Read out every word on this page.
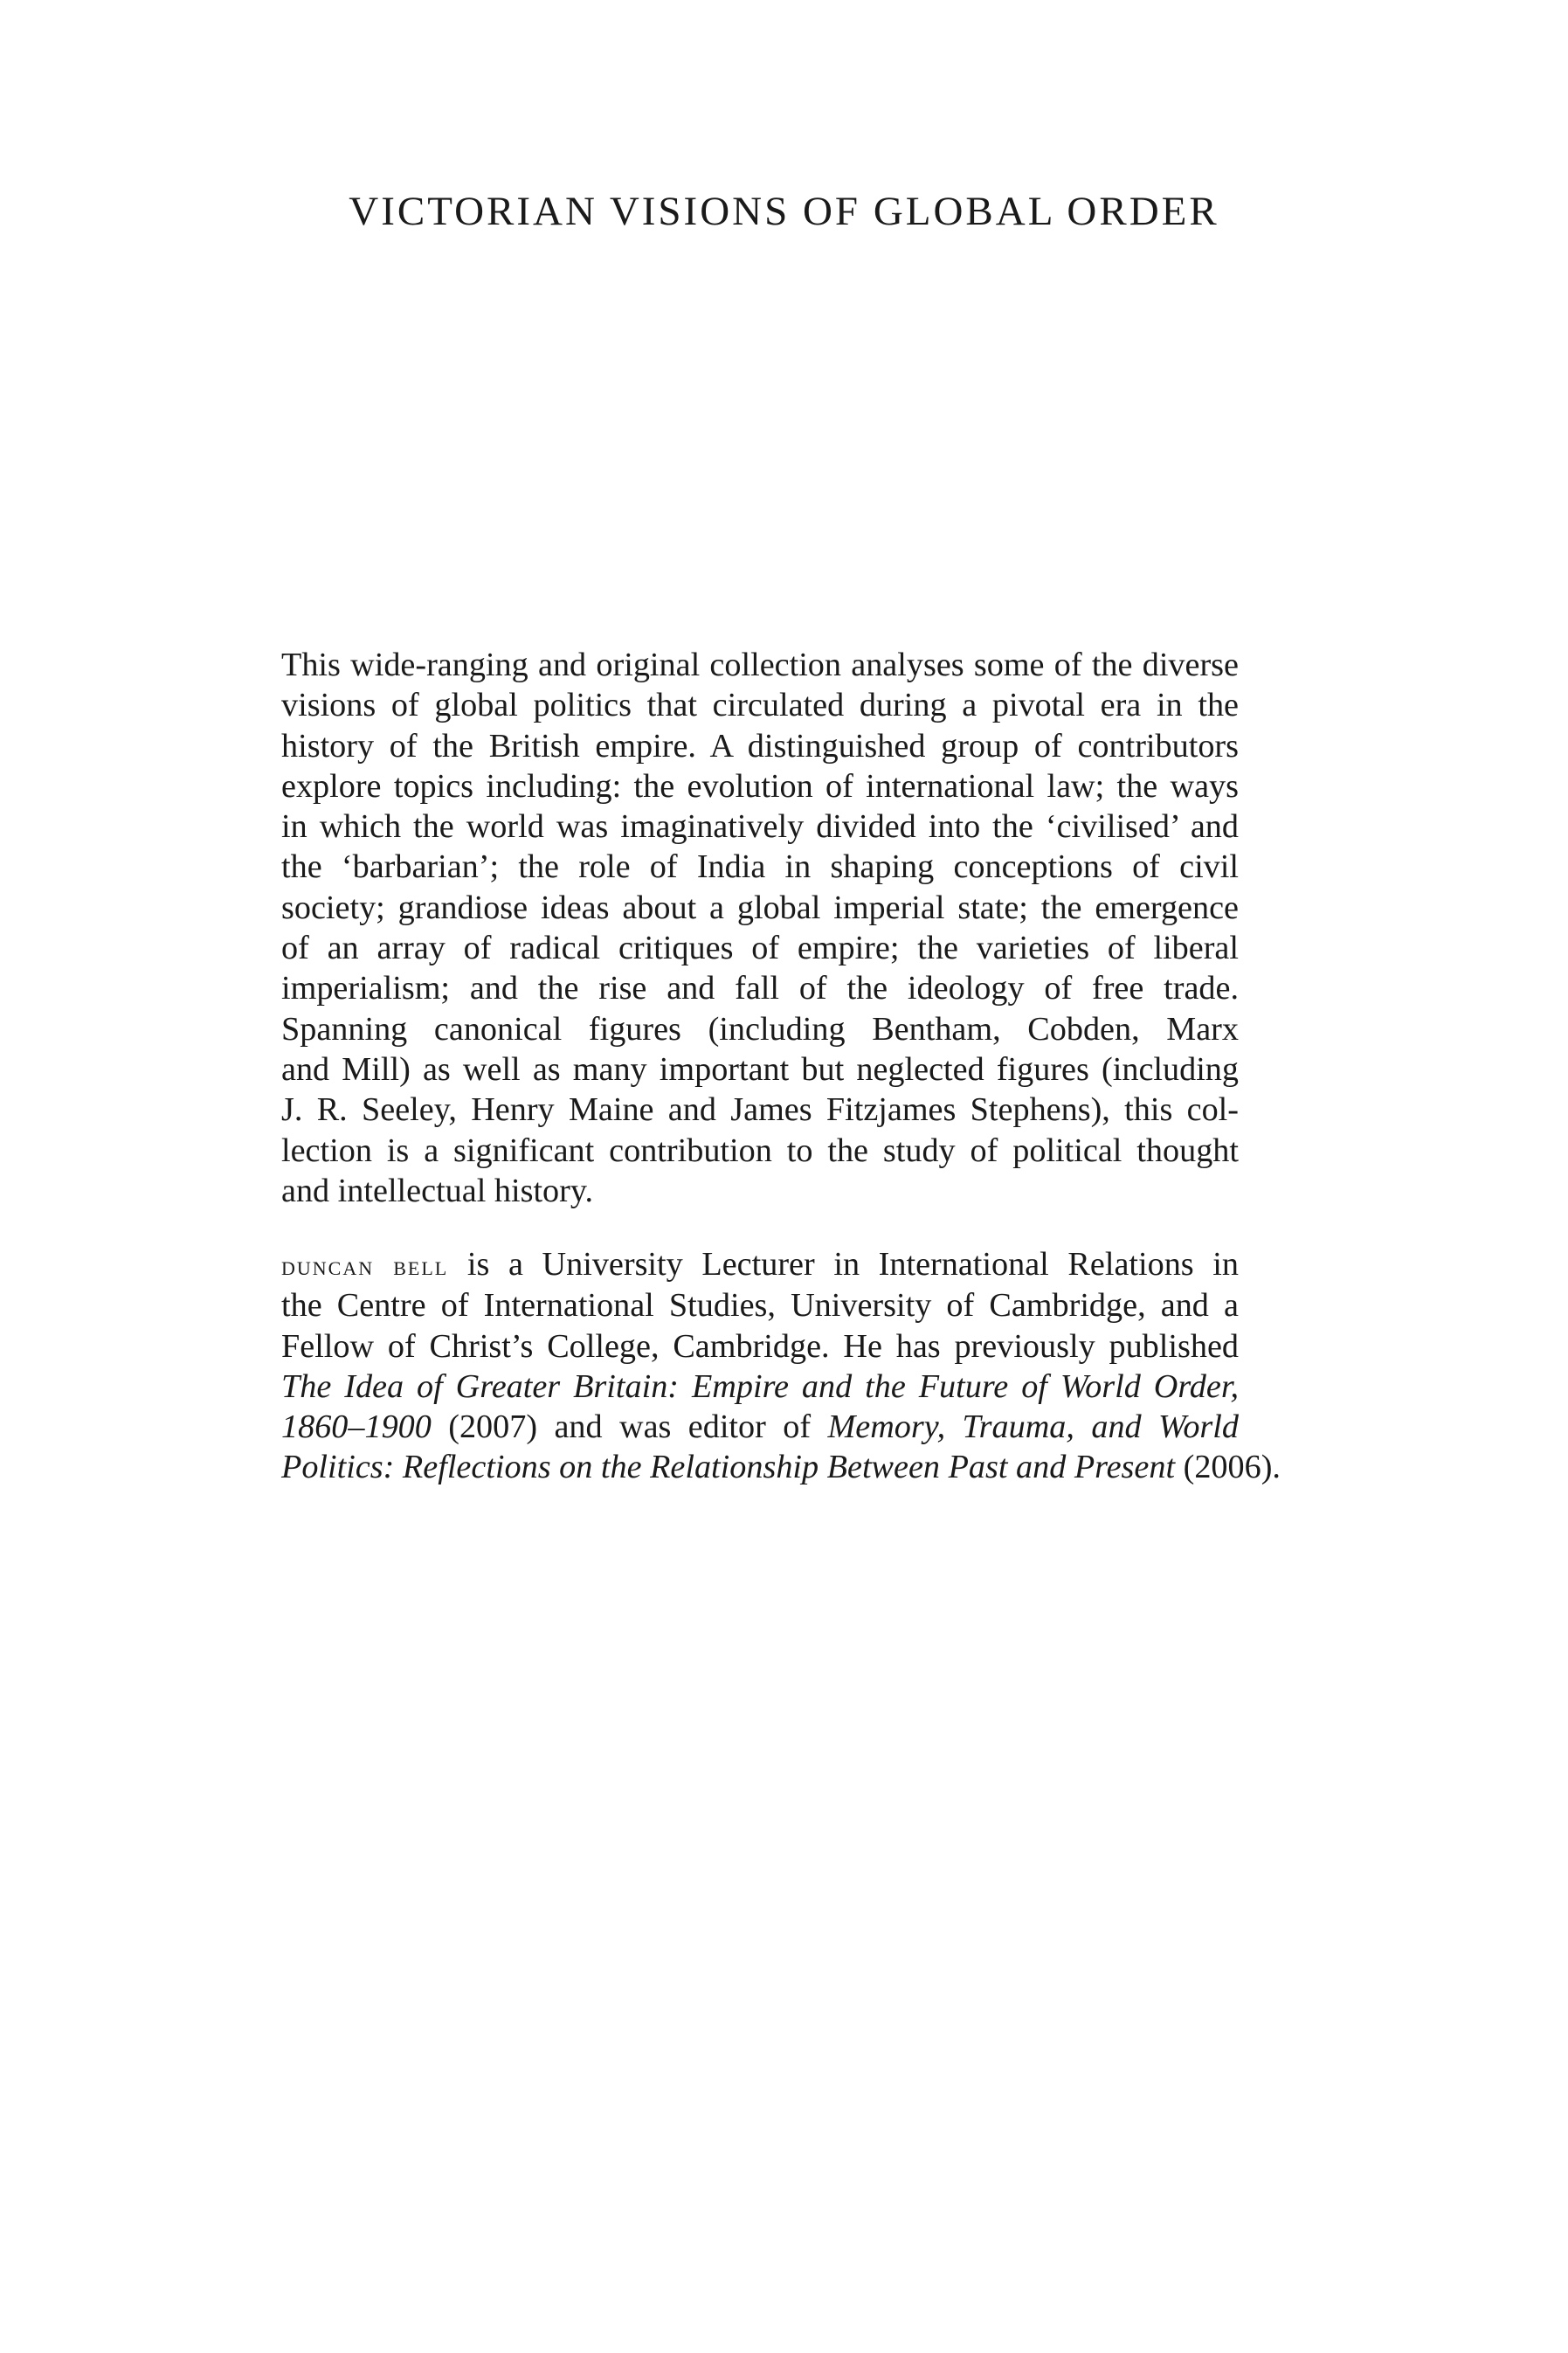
VICTORIAN VISIONS OF GLOBAL ORDER

This wide-ranging and original collection analyses some of the diverse
visions of global politics that circulated during a pivotal era in the
history of the British empire. A distinguished group of contributors
explore topics including: the evolution of international law; the ways
in which the world was imaginatively divided into the ‘civilised’ and
the ‘barbarian’; the role of India in shaping conceptions of civil
society; grandiose ideas about a global imperial state; the emergence
of an array of radical critiques of empire; the varieties of liberal
imperialism; and the rise and fall of the ideology of free trade.
Spanning canonical figures (including Bentham, Cobden, Marx
and Mill) as well as many important but neglected figures (including
J. R. Seeley, Henry Maine and James Fitzjames Stephens), this col-
lection is a significant contribution to the study of political thought
and intellectual history.

duncan bell is a University Lecturer in International Relations in
the Centre of International Studies, University of Cambridge, and a
Fellow of Christ’s College, Cambridge. He has previously published
The Idea of Greater Britain: Empire and the Future of World Order,
1860–1900 (2007) and was editor of Memory, Trauma, and World
Politics: Reflections on the Relationship Between Past and Present (2006).
